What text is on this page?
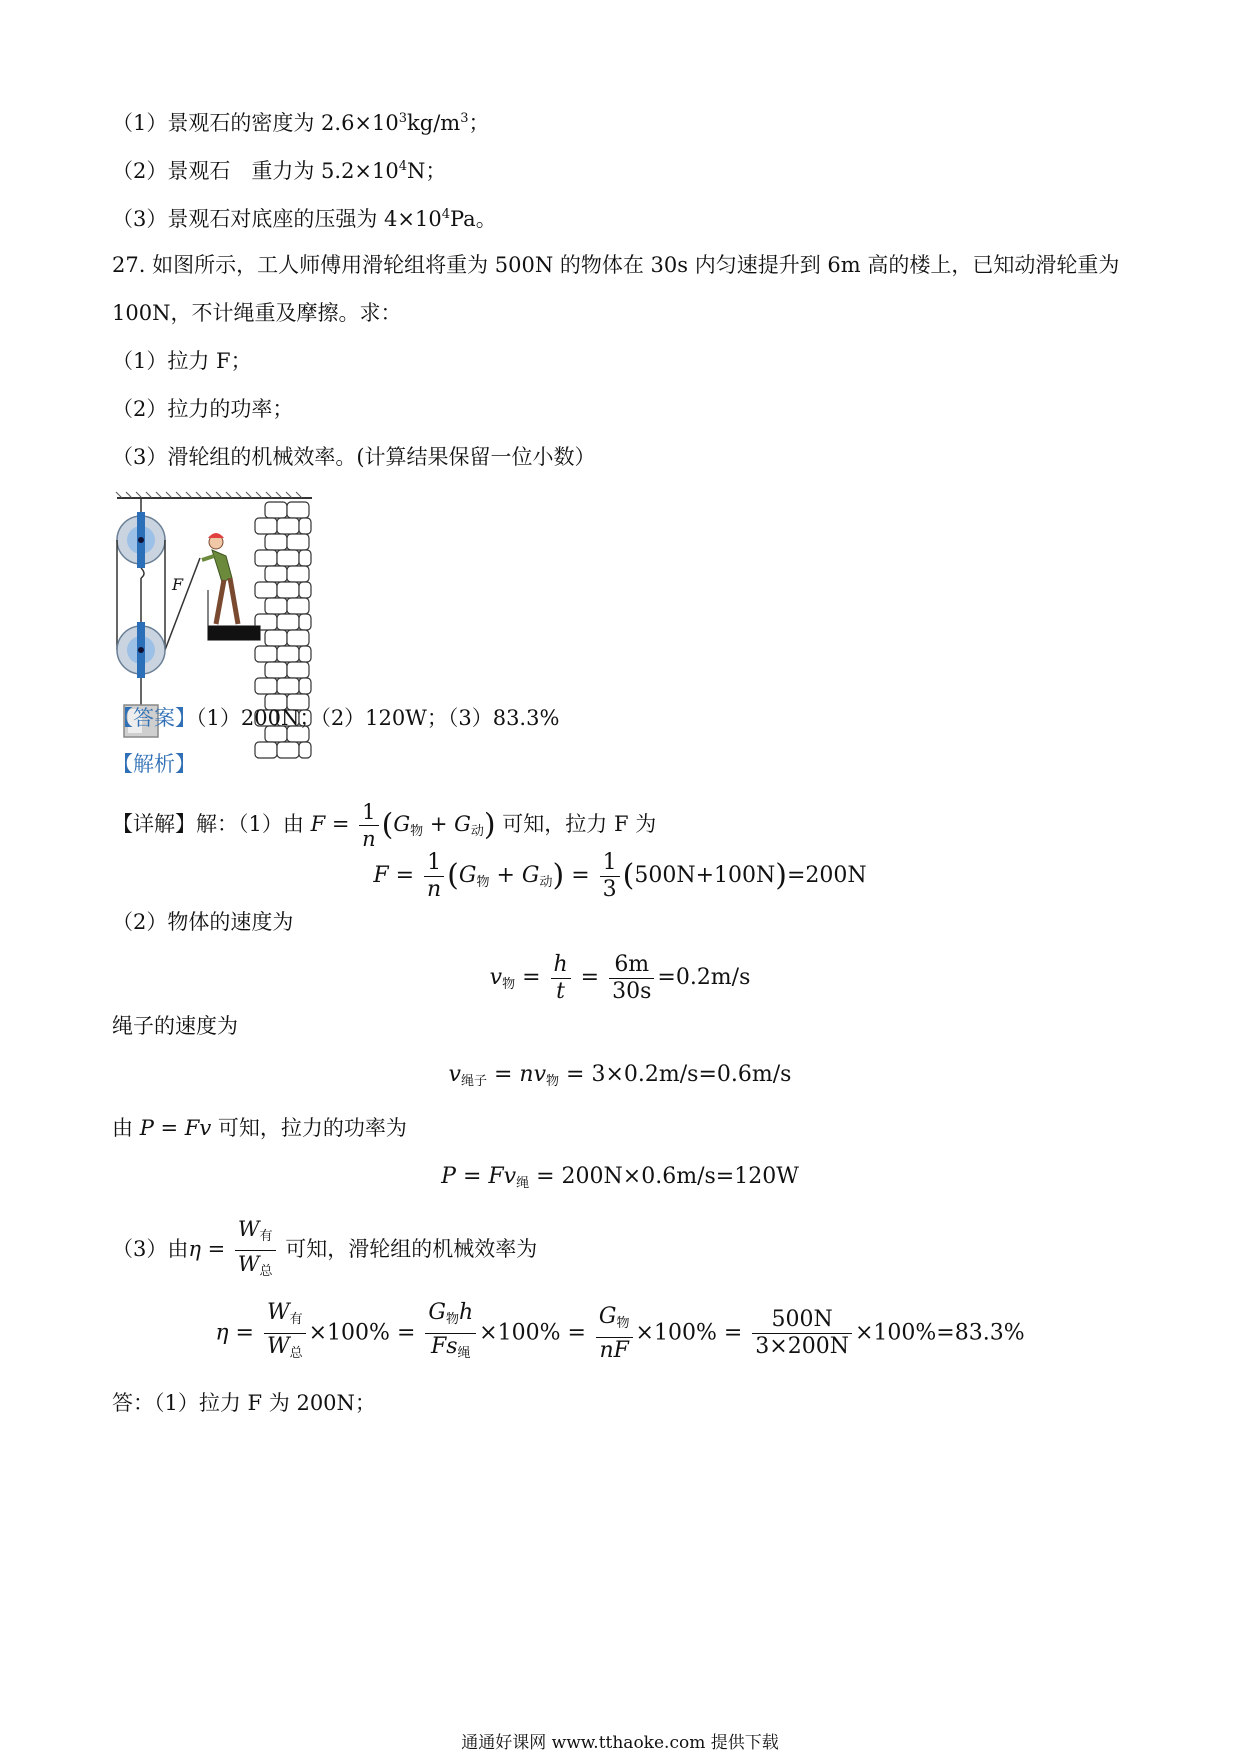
（1）景观石的密度为 $2.6\times 10^3kg/m^3$；
（2）景观石　重力为 $5.2\times 10^4N$；
（3）景观石对底座的压强为 $4\times 10^4Pa$。
27. 如图所示，工人师傅用滑轮组将重为 500N 的物体在 30s 内匀速提升到 6m 高的楼上，已知动滑轮重为
100N，不计绳重及摩擦。求：
（1）拉力 F；
（2）拉力的功率；
（3）滑轮组的机械效率。(计算结果保留一位小数）
F
【答案】（1）200N；（2）120W；（3）83.3%
【解析】
【详解】解：（1）由 $F = \frac{1}{n} (G_物 + G_动)$ 可知，拉力 F 为
$F = \frac{1}{n} (G_物 + G_动) = \frac{1}{3} (500N+100N)=200N$
（2）物体的速度为
$v_物 = \frac{h}{t} = \frac{6m}{30s} =0.2m/s$
绳子的速度为
$v_{绳子} = nv_物 = 3\times 0.2m/s=0.6m/s$
由 P = Fv 可知，拉力的功率为
$P = Fv_绳 = 200N\times 0.6m/s=120W$
（3）由$\eta = \frac{W_有}{W_总}$ 可知，滑轮组的机械效率为
$\eta = \frac{W_有}{W_总} \times 100\% = \frac{G_物h}{Fs_绳} \times 100\% = \frac{G_物}{nF} \times 100\% = \frac{500N}{3\times 200N} \times 100\%=83.3\%$
答：（1）拉力 F 为 200N；
通通好课网 www.tthaoke.com 提供下载
